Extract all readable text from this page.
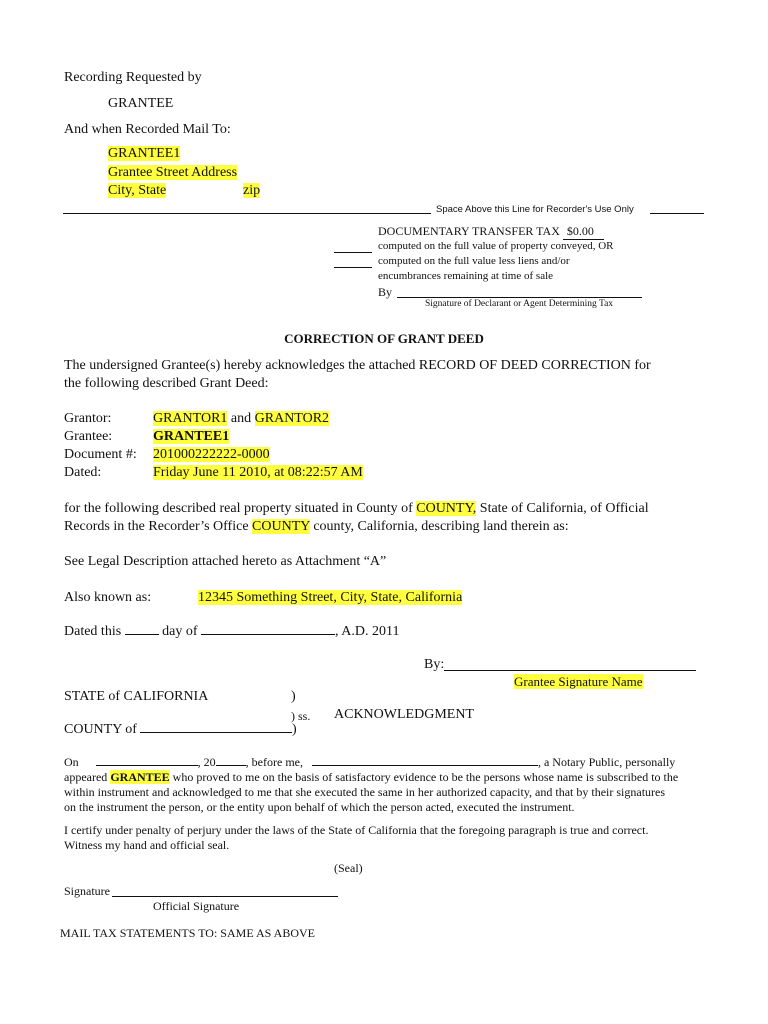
Recording Requested by
GRANTEE
And when Recorded Mail To:
GRANTEE1
Grantee Street Address
City, State	zip
Space Above this Line for Recorder's Use Only
DOCUMENTARY TRANSFER TAX $0.00
computed on the full value of property conveyed, OR
computed on the full value less liens and/or
encumbrances remaining at time of sale
By
Signature of Declarant or Agent Determining Tax
CORRECTION OF GRANT DEED
The undersigned Grantee(s) hereby acknowledges the attached RECORD OF DEED CORRECTION for
the following described Grant Deed:
Grantor:	GRANTOR1 and GRANTOR2
Grantee:	GRANTEE1
Document #: 201000222222-0000
Dated:	Friday June 11 2010, at 08:22:57 AM
for the following described real property situated in County of COUNTY, State of California, of Official
Records in the Recorder’s Office COUNTY county, California, describing land therein as:
See Legal Description attached hereto as Attachment “A”
Also known as:	12345 Something Street, City, State, California
Dated this	day of	, A.D. 2011
By:
Grantee Signature Name
STATE of CALIFORNIA	)
) ss. ACKNOWLEDGMENT
COUNTY of	)
On	, 20	, before me,	, a Notary Public, personally
appeared GRANTEE who proved to me on the basis of satisfactory evidence to be the persons whose name is subscribed to the
within instrument and acknowledged to me that she executed the same in her authorized capacity, and that by their signatures
on the instrument the person, or the entity upon behalf of which the person acted, executed the instrument.
I certify under penalty of perjury under the laws of the State of California that the foregoing paragraph is true and correct.
Witness my hand and official seal.
(Seal)
Signature
Official Signature
MAIL TAX STATEMENTS TO: SAME AS ABOVE
